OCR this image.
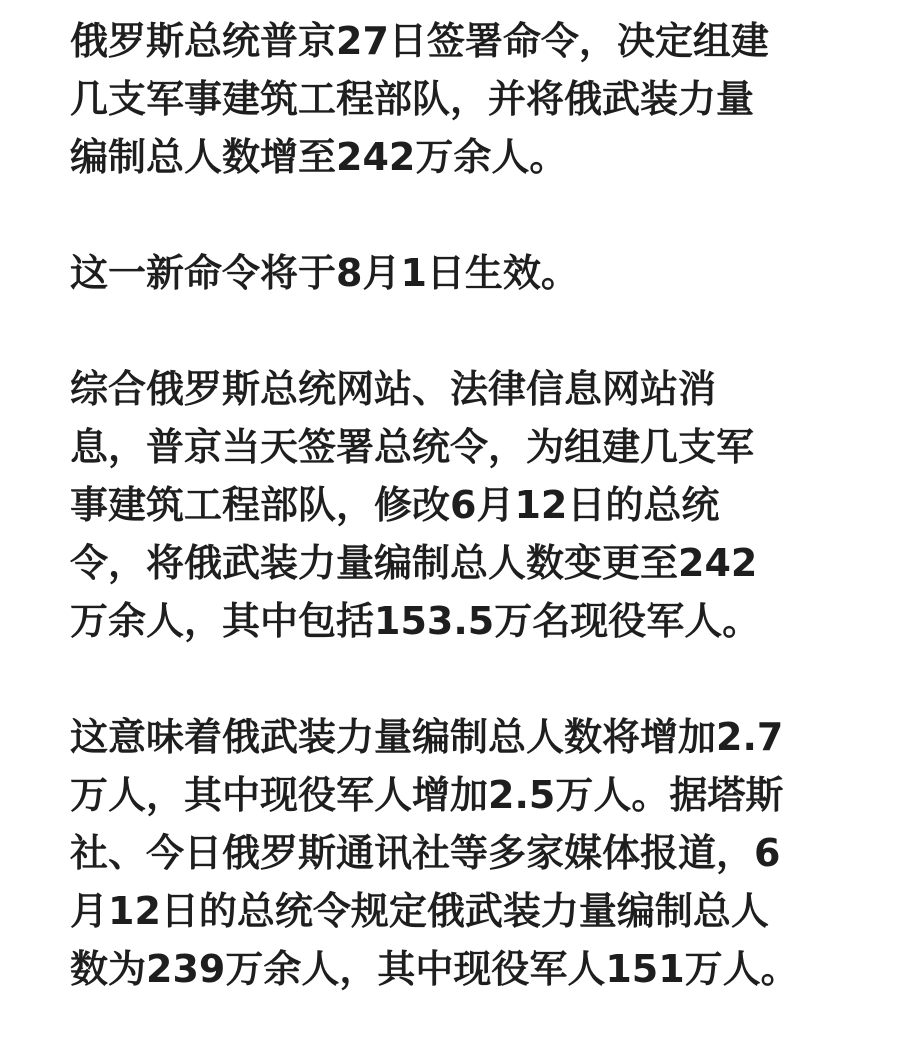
俄罗斯总统普京27日签署命令，决定组建
几支军事建筑工程部队，并将俄武装力量
编制总人数增至242万余人。

这一新命令将于8月1日生效。

综合俄罗斯总统网站、法律信息网站消
息，普京当天签署总统令，为组建几支军
事建筑工程部队，修改6月12日的总统
令，将俄武装力量编制总人数变更至242
万余人，其中包括153.5万名现役军人。

这意味着俄武装力量编制总人数将增加2.7
万人，其中现役军人增加2.5万人。据塔斯
社、今日俄罗斯通讯社等多家媒体报道，6
月12日的总统令规定俄武装力量编制总人
数为239万余人，其中现役军人151万人。
